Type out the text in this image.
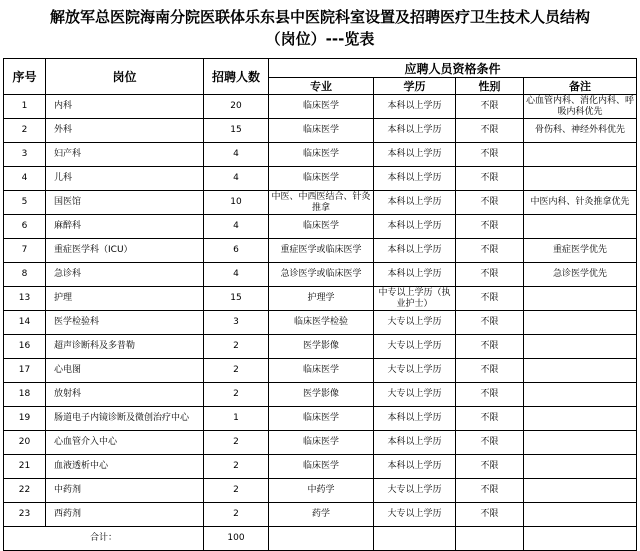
解放军总医院海南分院医联体乐东县中医院科室设置及招聘医疗卫生技术人员结构
（岗位）---览表
序号	岗位	招聘人数	应聘人员资格条件			
			专业	学历	性别	备注
1	内科	20	临床医学	本科以上学历	不限	心血管内科、消化内科、呼吸内科优先
2	外科	15	临床医学	本科以上学历	不限	骨伤科、神经外科优先
3	妇产科	4	临床医学	本科以上学历	不限	
4	儿科	4	临床医学	本科以上学历	不限	
5	国医馆	10	中医、中西医结合、针灸推拿	本科以上学历	不限	中医内科、针灸推拿优先
6	麻醉科	4	临床医学	本科以上学历	不限	
7	重症医学科（ICU）	6	重症医学或临床医学	本科以上学历	不限	重症医学优先
8	急诊科	4	急诊医学或临床医学	本科以上学历	不限	急诊医学优先
13	护理	15	护理学	中专以上学历（执业护士）	不限	
14	医学检验科	3	临床医学检验	大专以上学历	不限	
16	超声诊断科及多普勒	2	医学影像	大专以上学历	不限	
17	心电图	2	临床医学	大专以上学历	不限	
18	放射科	2	医学影像	大专以上学历	不限	
19	肠道电子内镜诊断及微创治疗中心	1	临床医学	本科以上学历	不限	
20	心血管介入中心	2	临床医学	本科以上学历	不限	
21	血液透析中心	2	临床医学	本科以上学历	不限	
22	中药剂	2	中药学	大专以上学历	不限	
23	西药剂	2	药学	大专以上学历	不限	
合计：		100				
